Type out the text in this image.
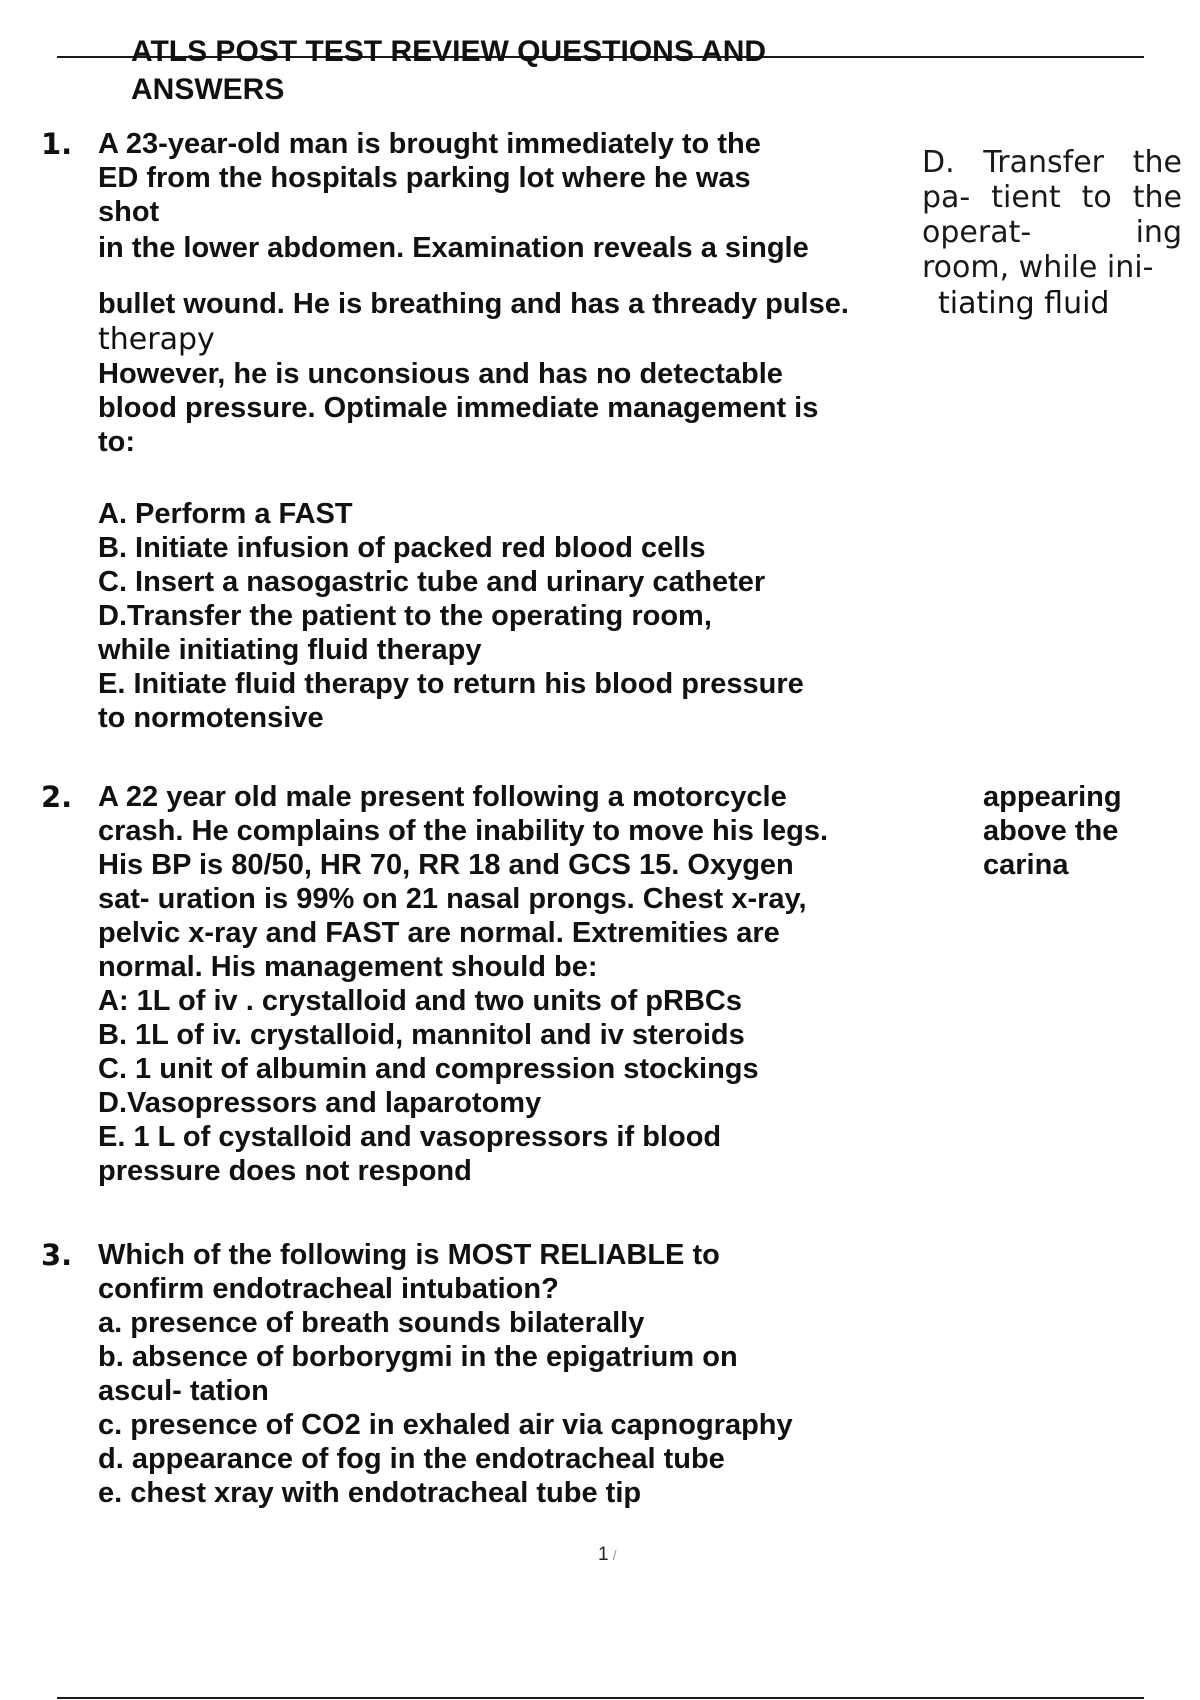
ATLS POST TEST REVIEW QUESTIONS AND
ANSWERS
1. A 23-year-old man is brought immediately to the
ED from the hospitals parking lot where he was
shot
in the lower abdomen. Examination reveals a single
bullet wound. He is breathing and has a thready pulse.	tiating fluid
therapy
D. Transfer the
pa- tient to the
operat-	ing
room, while ini-
However, he is unconsious and has no detectable
blood pressure. Optimale immediate management is
to:
A. Perform a FAST
B. Initiate infusion of packed red blood cells
C. Insert a nasogastric tube and urinary catheter
D.Transfer the patient to the operating room,
while initiating fluid therapy
E. Initiate fluid therapy to return his blood pressure
to normotensive
2. A 22 year old male present following a motorcycle
crash. He complains of the inability to move his legs.
His BP is 80/50, HR 70, RR 18 and GCS 15. Oxygen
sat- uration is 99% on 21 nasal prongs. Chest x-ray,
pelvic x-ray and FAST are normal. Extremities are
normal. His management should be:
A: 1L of iv . crystalloid and two units of pRBCs
B. 1L of iv. crystalloid, mannitol and iv steroids
C. 1 unit of albumin and compression stockings
D.Vasopressors and laparotomy
E. 1 L of cystalloid and vasopressors if blood
pressure does not respond
appearing
above the
carina
3. Which of the following is MOST RELIABLE to
confirm endotracheal intubation?
a. presence of breath sounds bilaterally
b. absence of borborygmi in the epigatrium on
ascul- tation
c. presence of CO2 in exhaled air via capnography
d. appearance of fog in the endotracheal tube
e. chest xray with endotracheal tube tip
1 /
